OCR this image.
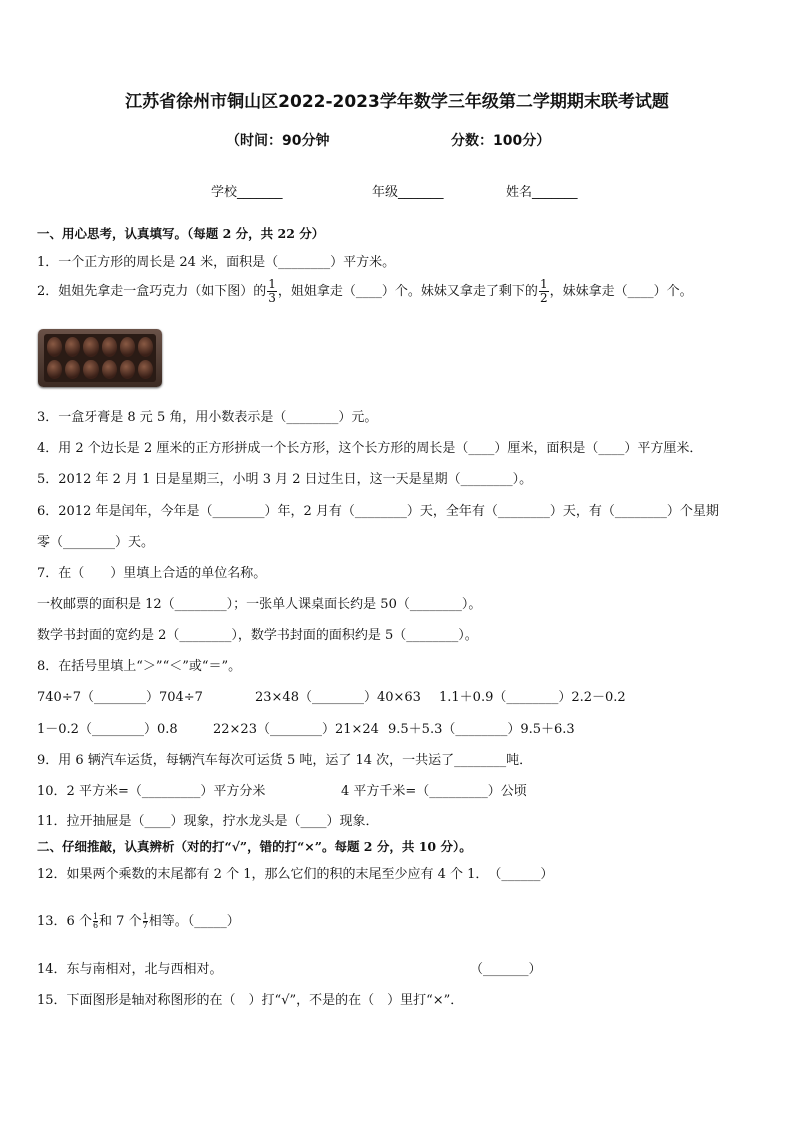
江苏省徐州市铜山区2022-2023学年数学三年级第二学期期末联考试题
（时间：90分钟	分数：100分）
学校_______	年级_______	姓名_______
一、用心思考，认真填写。（每题 2 分，共 22 分）
1．一个正方形的周长是 24 米，面积是（________）平方米。
2．姐姐先拿走一盒巧克力（如下图）的 $\frac{1}{3}$ ，姐姐拿走（____）个。妹妹又拿走了剩下的 $\frac{1}{2}$ ，妹妹拿走（____）个。
3．一盒牙膏是 8 元 5 角，用小数表示是（________）元。
4．用 2 个边长是 2 厘米的正方形拼成一个长方形，这个长方形的周长是（____）厘米，面积是（____）平方厘米．
5．2012 年 2 月 1 日是星期三，小明 3 月 2 日过生日，这一天是星期（________）。
6．2012 年是闰年，今年是（________）年，2 月有（________）天，全年有（________）天，有（________）个星期
零（________）天。
7．在（　　）里填上合适的单位名称。
一枚邮票的面积是 12（________）；一张单人课桌面长约是 50（________）。
数学书封面的宽约是 2（________），数学书封面的面积约是 5（________）。
8．在括号里填上“＞”“＜”或“＝”。
740÷7（________）704÷7	23×48（________）40×63 1.1＋0.9（________）2.2－0.2
1－0.2（________）0.8	22×23（________）21×24 9.5＋5.3（________）9.5＋6.3
9．用 6 辆汽车运货，每辆汽车每次可运货 5 吨，运了 14 次，一共运了________吨．
10．2 平方米=（_________）平方分米	4 平方千米=（_________）公顷
11．拉开抽屉是（____）现象，拧水龙头是（____）现象．
二、仔细推敲，认真辨析（对的打“√”，错的打“×”。每题 2 分，共 10 分）。
12．如果两个乘数的末尾都有 2 个 1，那么它们的积的末尾至少应有 4 个 1．　（______）
13．6 个 $\frac{1}{6}$ 和 7 个 $\frac{1}{7}$ 相等。（_____）
14．东与南相对，北与西相对。	（_______）
15．下面图形是轴对称图形的在（　）打“√”，不是的在（　）里打“×”．
